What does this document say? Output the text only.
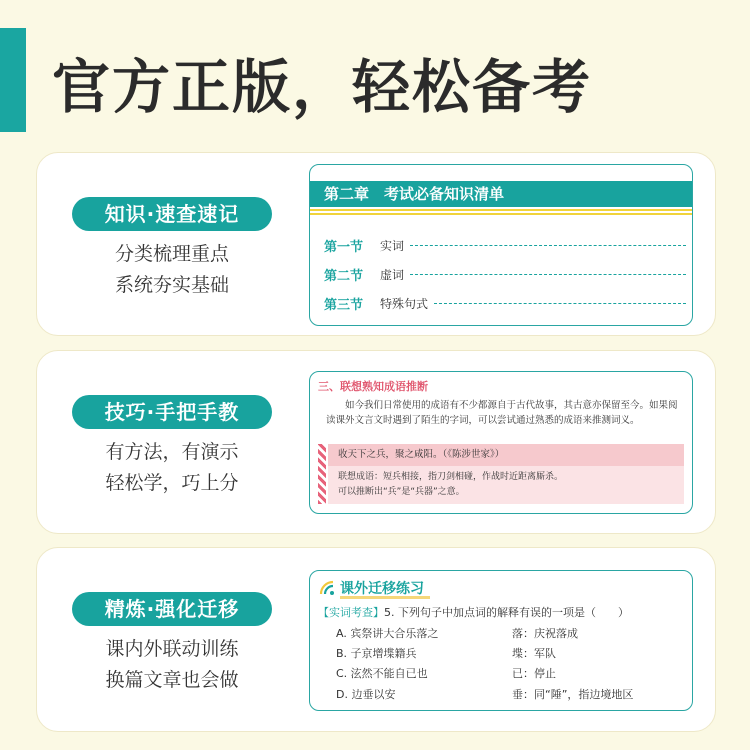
官方正版，轻松备考
知识·速查速记
分类梳理重点
系统夯实基础
第二章　考试必备知识清单
第一节	实词
第二节	虚词
第三节	特殊句式
技巧·手把手教
有方法，有演示
轻松学，巧上分
三、联想熟知成语推断
如今我们日常使用的成语有不少都源自于古代故事，其古意亦保留至今。如果阅读课外文言文时遇到了陌生的字词，可以尝试通过熟悉的成语来推测词义。
收天下之兵，聚之咸阳。（《陈涉世家》）
联想成语：短兵相接，指刀剑相碰，作战时近距离厮杀。
可以推断出“兵”是“兵器”之意。
精炼·强化迁移
课内外联动训练
换篇文章也会做
课外迁移练习
【实词考查】5. 下列句子中加点词的解释有误的一项是（　　）
A. 宾祭讲大合乐落之	落：庆祝落成
B. 子京增堞籍兵	堞：军队
C. 泫然不能自已也	已：停止
D. 边垂以安	垂：同“陲”，指边境地区
